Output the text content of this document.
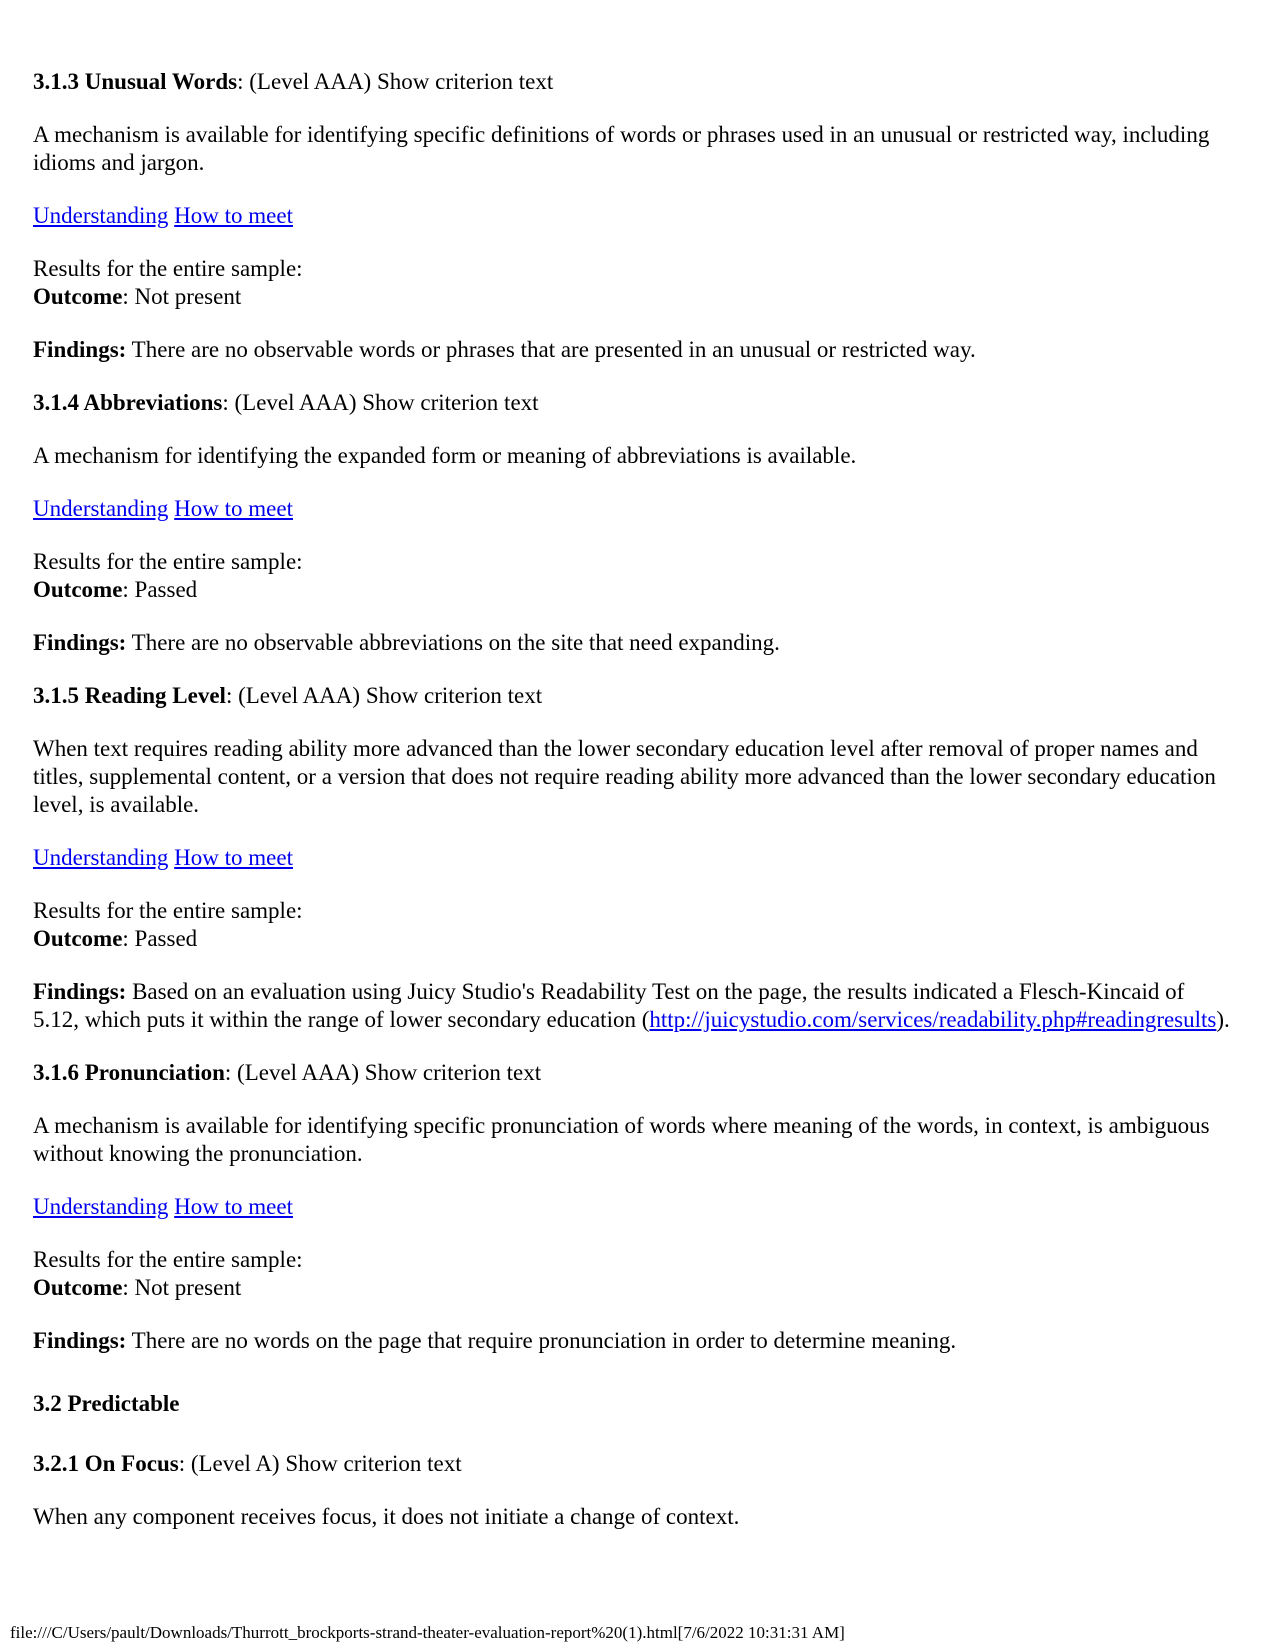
3.1.3 Unusual Words: (Level AAA) Show criterion text

A mechanism is available for identifying specific definitions of words or phrases used in an unusual or restricted way, including idioms and jargon.

Understanding How to meet

Results for the entire sample:
Outcome: Not present

Findings: There are no observable words or phrases that are presented in an unusual or restricted way.

3.1.4 Abbreviations: (Level AAA) Show criterion text

A mechanism for identifying the expanded form or meaning of abbreviations is available.

Understanding How to meet

Results for the entire sample:
Outcome: Passed

Findings: There are no observable abbreviations on the site that need expanding.

3.1.5 Reading Level: (Level AAA) Show criterion text

When text requires reading ability more advanced than the lower secondary education level after removal of proper names and titles, supplemental content, or a version that does not require reading ability more advanced than the lower secondary education level, is available.

Understanding How to meet

Results for the entire sample:
Outcome: Passed

Findings: Based on an evaluation using Juicy Studio's Readability Test on the page, the results indicated a Flesch-Kincaid of 5.12, which puts it within the range of lower secondary education (http://juicystudio.com/services/readability.php#readingresults).

3.1.6 Pronunciation: (Level AAA) Show criterion text

A mechanism is available for identifying specific pronunciation of words where meaning of the words, in context, is ambiguous without knowing the pronunciation.

Understanding How to meet

Results for the entire sample:
Outcome: Not present

Findings: There are no words on the page that require pronunciation in order to determine meaning.

3.2 Predictable

3.2.1 On Focus: (Level A) Show criterion text

When any component receives focus, it does not initiate a change of context.

file:///C/Users/pault/Downloads/Thurrott_brockports-strand-theater-evaluation-report%20(1).html[7/6/2022 10:31:31 AM]
